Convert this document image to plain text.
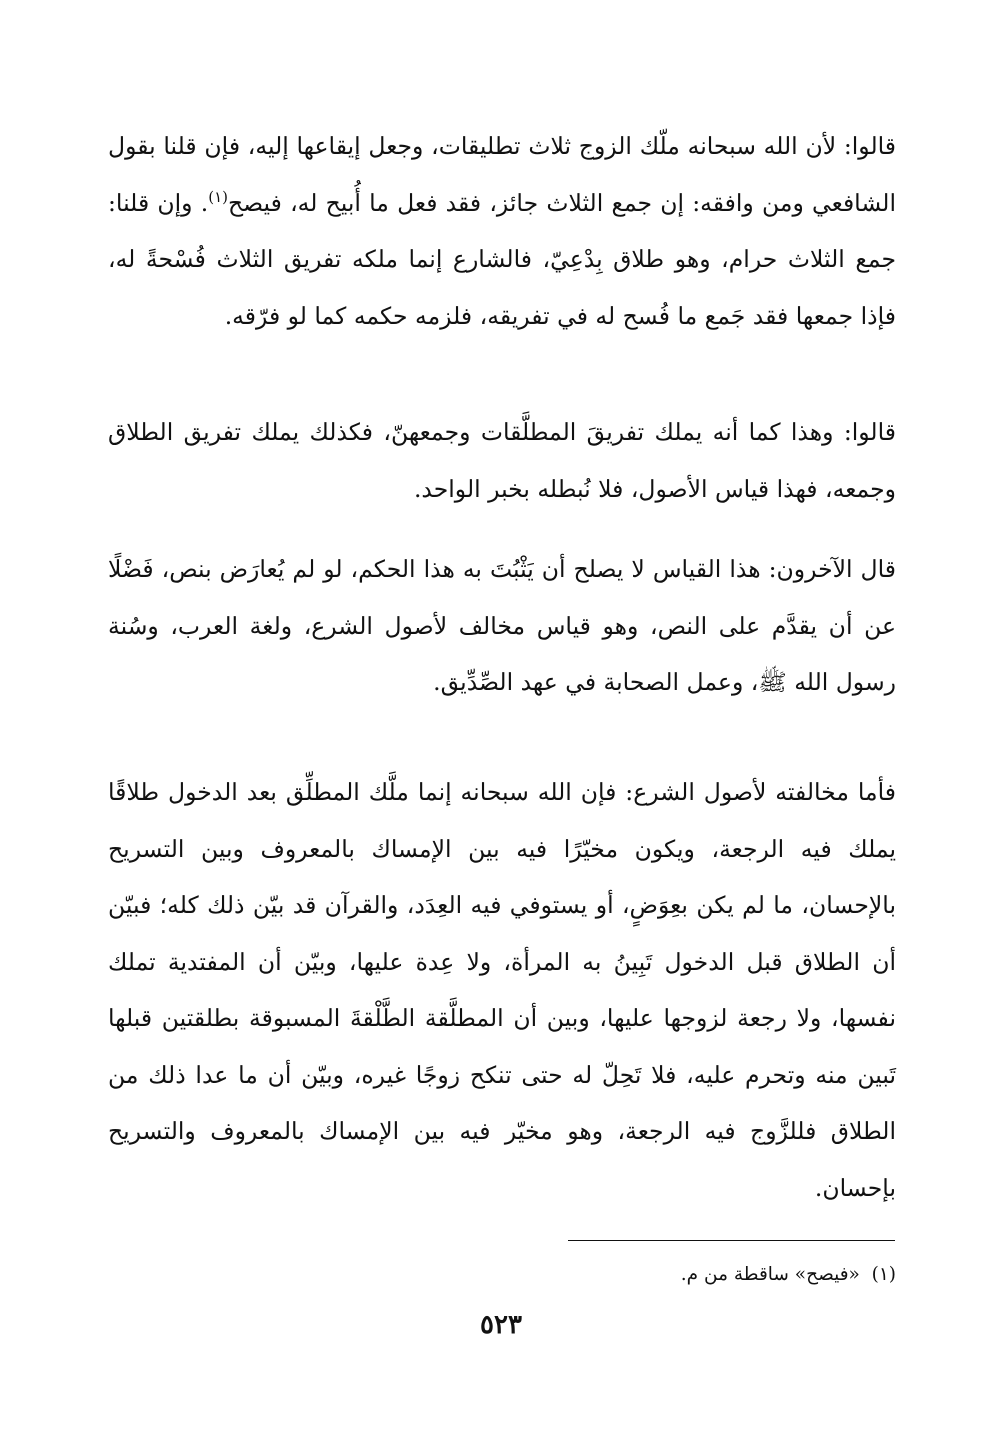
قالوا: لأن الله سبحانه ملّك الزوج ثلاث تطليقات، وجعل إيقاعها إليه، فإن قلنا بقول الشافعي ومن وافقه: إن جمع الثلاث جائز، فقد فعل ما أُبيح له، فيصح$^{(١)}$. وإن قلنا: جمع الثلاث حرام، وهو طلاق بِدْعِيّ، فالشارع إنما ملكه تفريق الثلاث فُسْحةً له، فإذا جمعها فقد جَمع ما فُسح له في تفريقه، فلزمه حكمه كما لو فرّقه.

قالوا: وهذا كما أنه يملك تفريقَ المطلَّقات وجمعهنّ، فكذلك يملك تفريق الطلاق وجمعه، فهذا قياس الأصول، فلا نُبطله بخبر الواحد.

قال الآخرون: هذا القياس لا يصلح أن يَثْبُتَ به هذا الحكم، لو لم يُعارَض بنص، فَضْلًا عن أن يقدَّم على النص، وهو قياس مخالف لأصول الشرع، ولغة العرب، وسُنة رسول الله ﷺ، وعمل الصحابة في عهد الصِّدِّيق.

فأما مخالفته لأصول الشرع: فإن الله سبحانه إنما ملَّك المطلِّق بعد الدخول طلاقًا يملك فيه الرجعة، ويكون مخيّرًا فيه بين الإمساك بالمعروف وبين التسريح بالإحسان، ما لم يكن بعِوَضٍ، أو يستوفي فيه العِدَد، والقرآن قد بيّن ذلك كله؛ فبيّن أن الطلاق قبل الدخول تَبِينُ به المرأة، ولا عِدة عليها، وبيّن أن المفتدية تملك نفسها، ولا رجعة لزوجها عليها، وبين أن المطلَّقة الطَّلْقةَ المسبوقة بطلقتين قبلها تَبين منه وتحرم عليه، فلا تَحِلّ له حتى تنكح زوجًا غيره، وبيّن أن ما عدا ذلك من الطلاق فللزَّوج فيه الرجعة، وهو مخيّر فيه بين الإمساك بالمعروف والتسريح بإحسان.

(١)  «فيصح» ساقطة من م.

٥٢٣
